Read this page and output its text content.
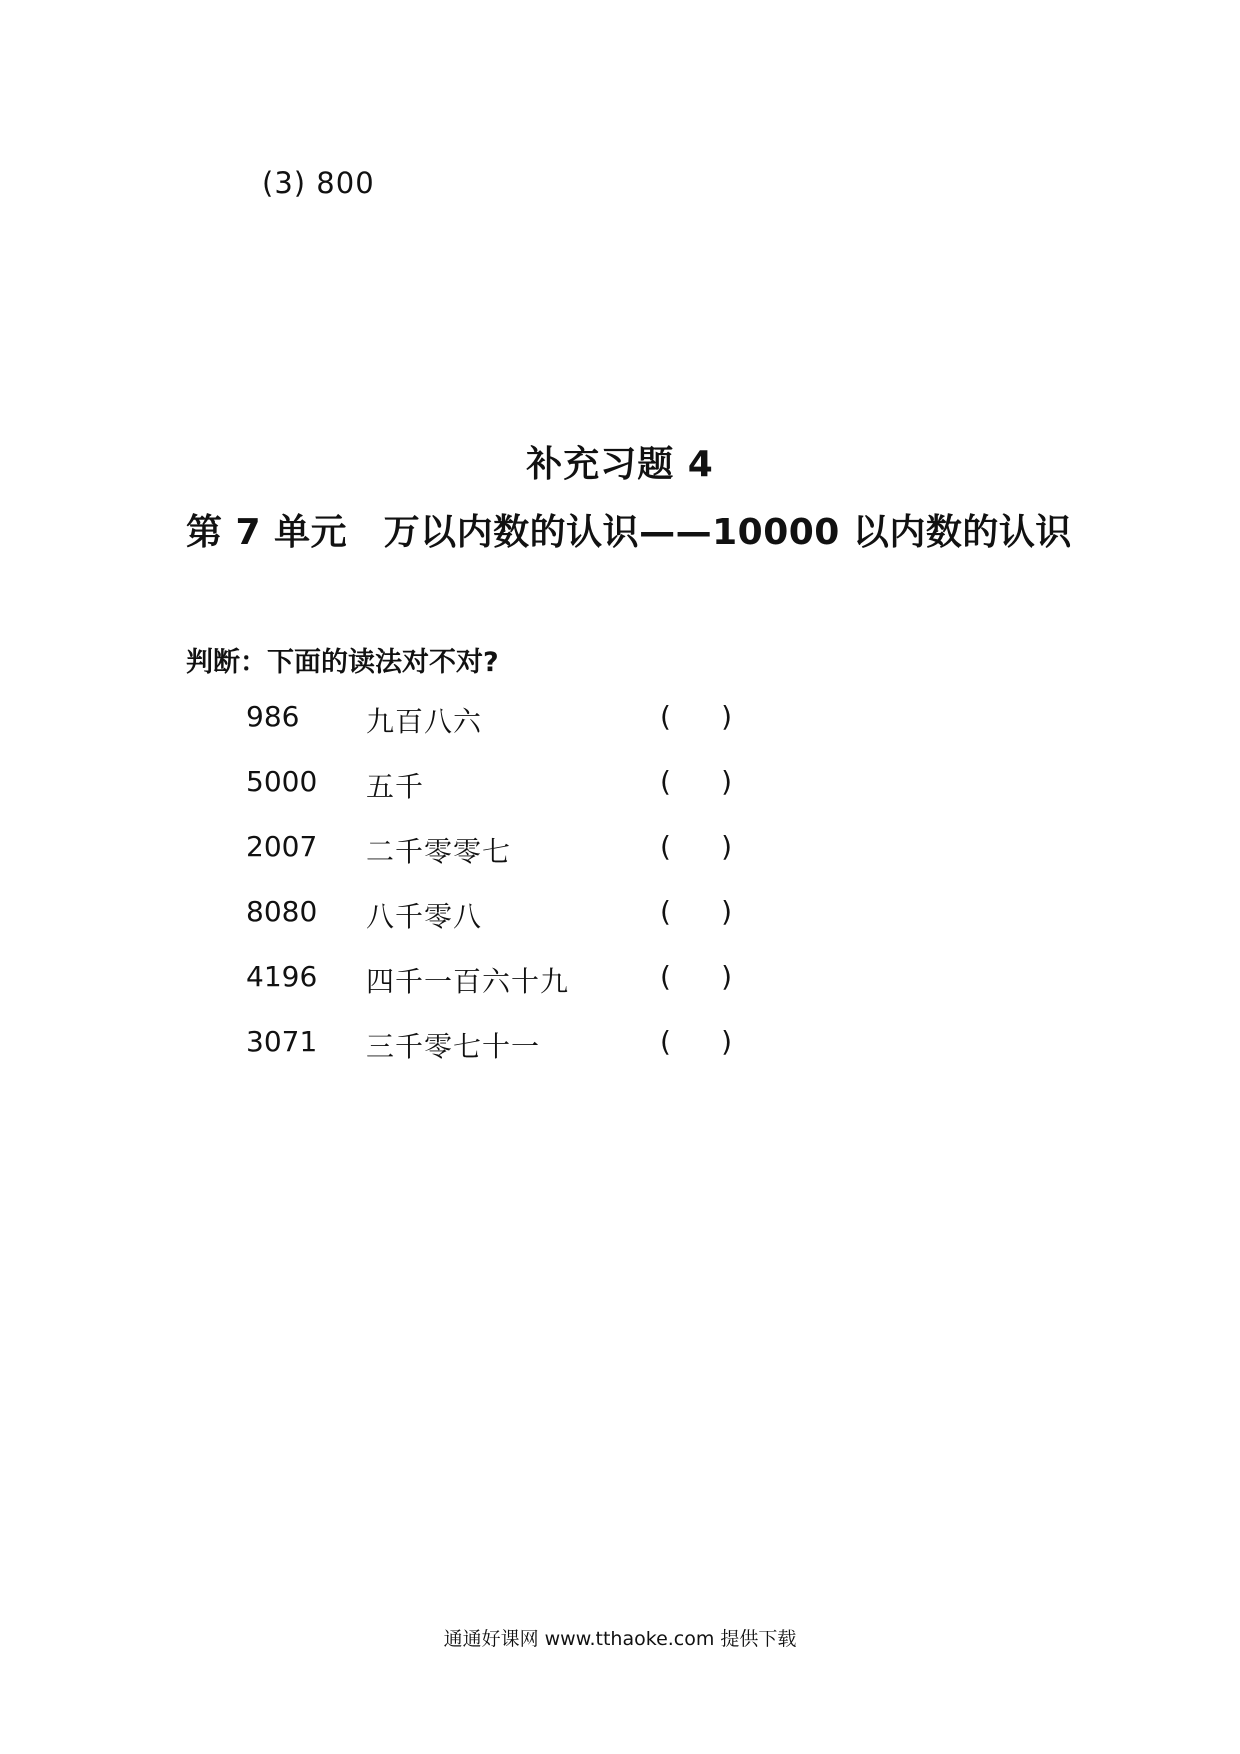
(3) 800
补充习题 4
第 7 单元　万以内数的认识——10000 以内数的认识
判断：下面的读法对不对?
986 九百八六	( )
5000 五千	( )
2007 二千零零七	( )
8080 八千零八	( )
4196 四千一百六十九	( )
3071 三千零七十一	( )
通通好课网 www.tthaoke.com 提供下载
